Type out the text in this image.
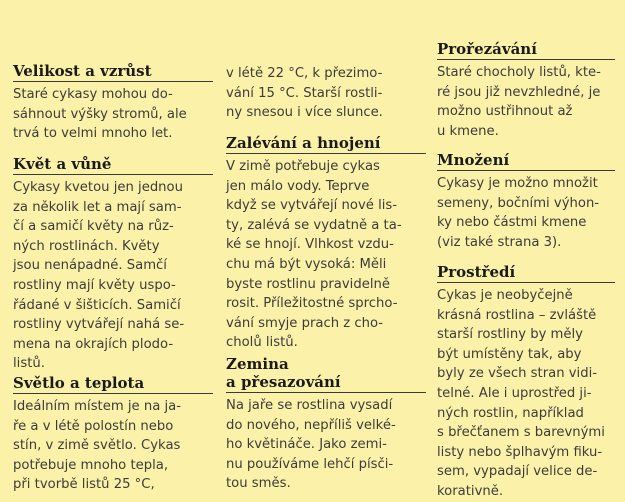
Velikost a vzrůst
Staré cykasy mohou do-
sáhnout výšky stromů, ale
trvá to velmi mnoho let.
Květ a vůně
Cykasy kvetou jen jednou
za několik let a mají sam-
čí a samičí květy na růz-
ných rostlinách. Květy
jsou nenápadné. Samčí
rostliny mají květy uspo-
řádané v šišticích. Samičí
rostliny vytvářejí nahá se-
mena na okrajích plodo-
listů.
Světlo a teplota
Ideálním místem je na ja-
ře a v létě polostín nebo
stín, v zimě světlo. Cykas
potřebuje mnoho tepla,
při tvorbě listů 25 °C,
v létě 22 °C, k přezimo-
vání 15 °C. Starší rostli-
ny snesou i více slunce.
Zalévání a hnojení
V zimě potřebuje cykas
jen málo vody. Teprve
když se vytvářejí nové lis-
ty, zalévá se vydatně a ta-
ké se hnojí. Vlhkost vzdu-
chu má být vysoká: Měli
byste rostlinu pravidelně
rosit. Příležitostné sprcho-
vání smyje prach z cho-
cholů listů.
Zemina
a přesazování
Na jaře se rostlina vysadí
do nového, nepříliš velké-
ho květináče. Jako zemi-
nu používáme lehčí písči-
tou směs.
Prořezávání
Staré chocholy listů, kte-
ré jsou již nevzhledné, je
možno ustřihnout až
u kmene.
Množení
Cykasy je možno množit
semeny, bočními výhon-
ky nebo částmi kmene
(viz také strana 3).
Prostředí
Cykas je neobyčejně
krásná rostlina – zvláště
starší rostliny by měly
být umístěny tak, aby
byly ze všech stran vidi-
telné. Ale i uprostřed ji-
ných rostlin, například
s břečťanem s barevnými
listy nebo šplhavým fiku-
sem, vypadají velice de-
korativně.
